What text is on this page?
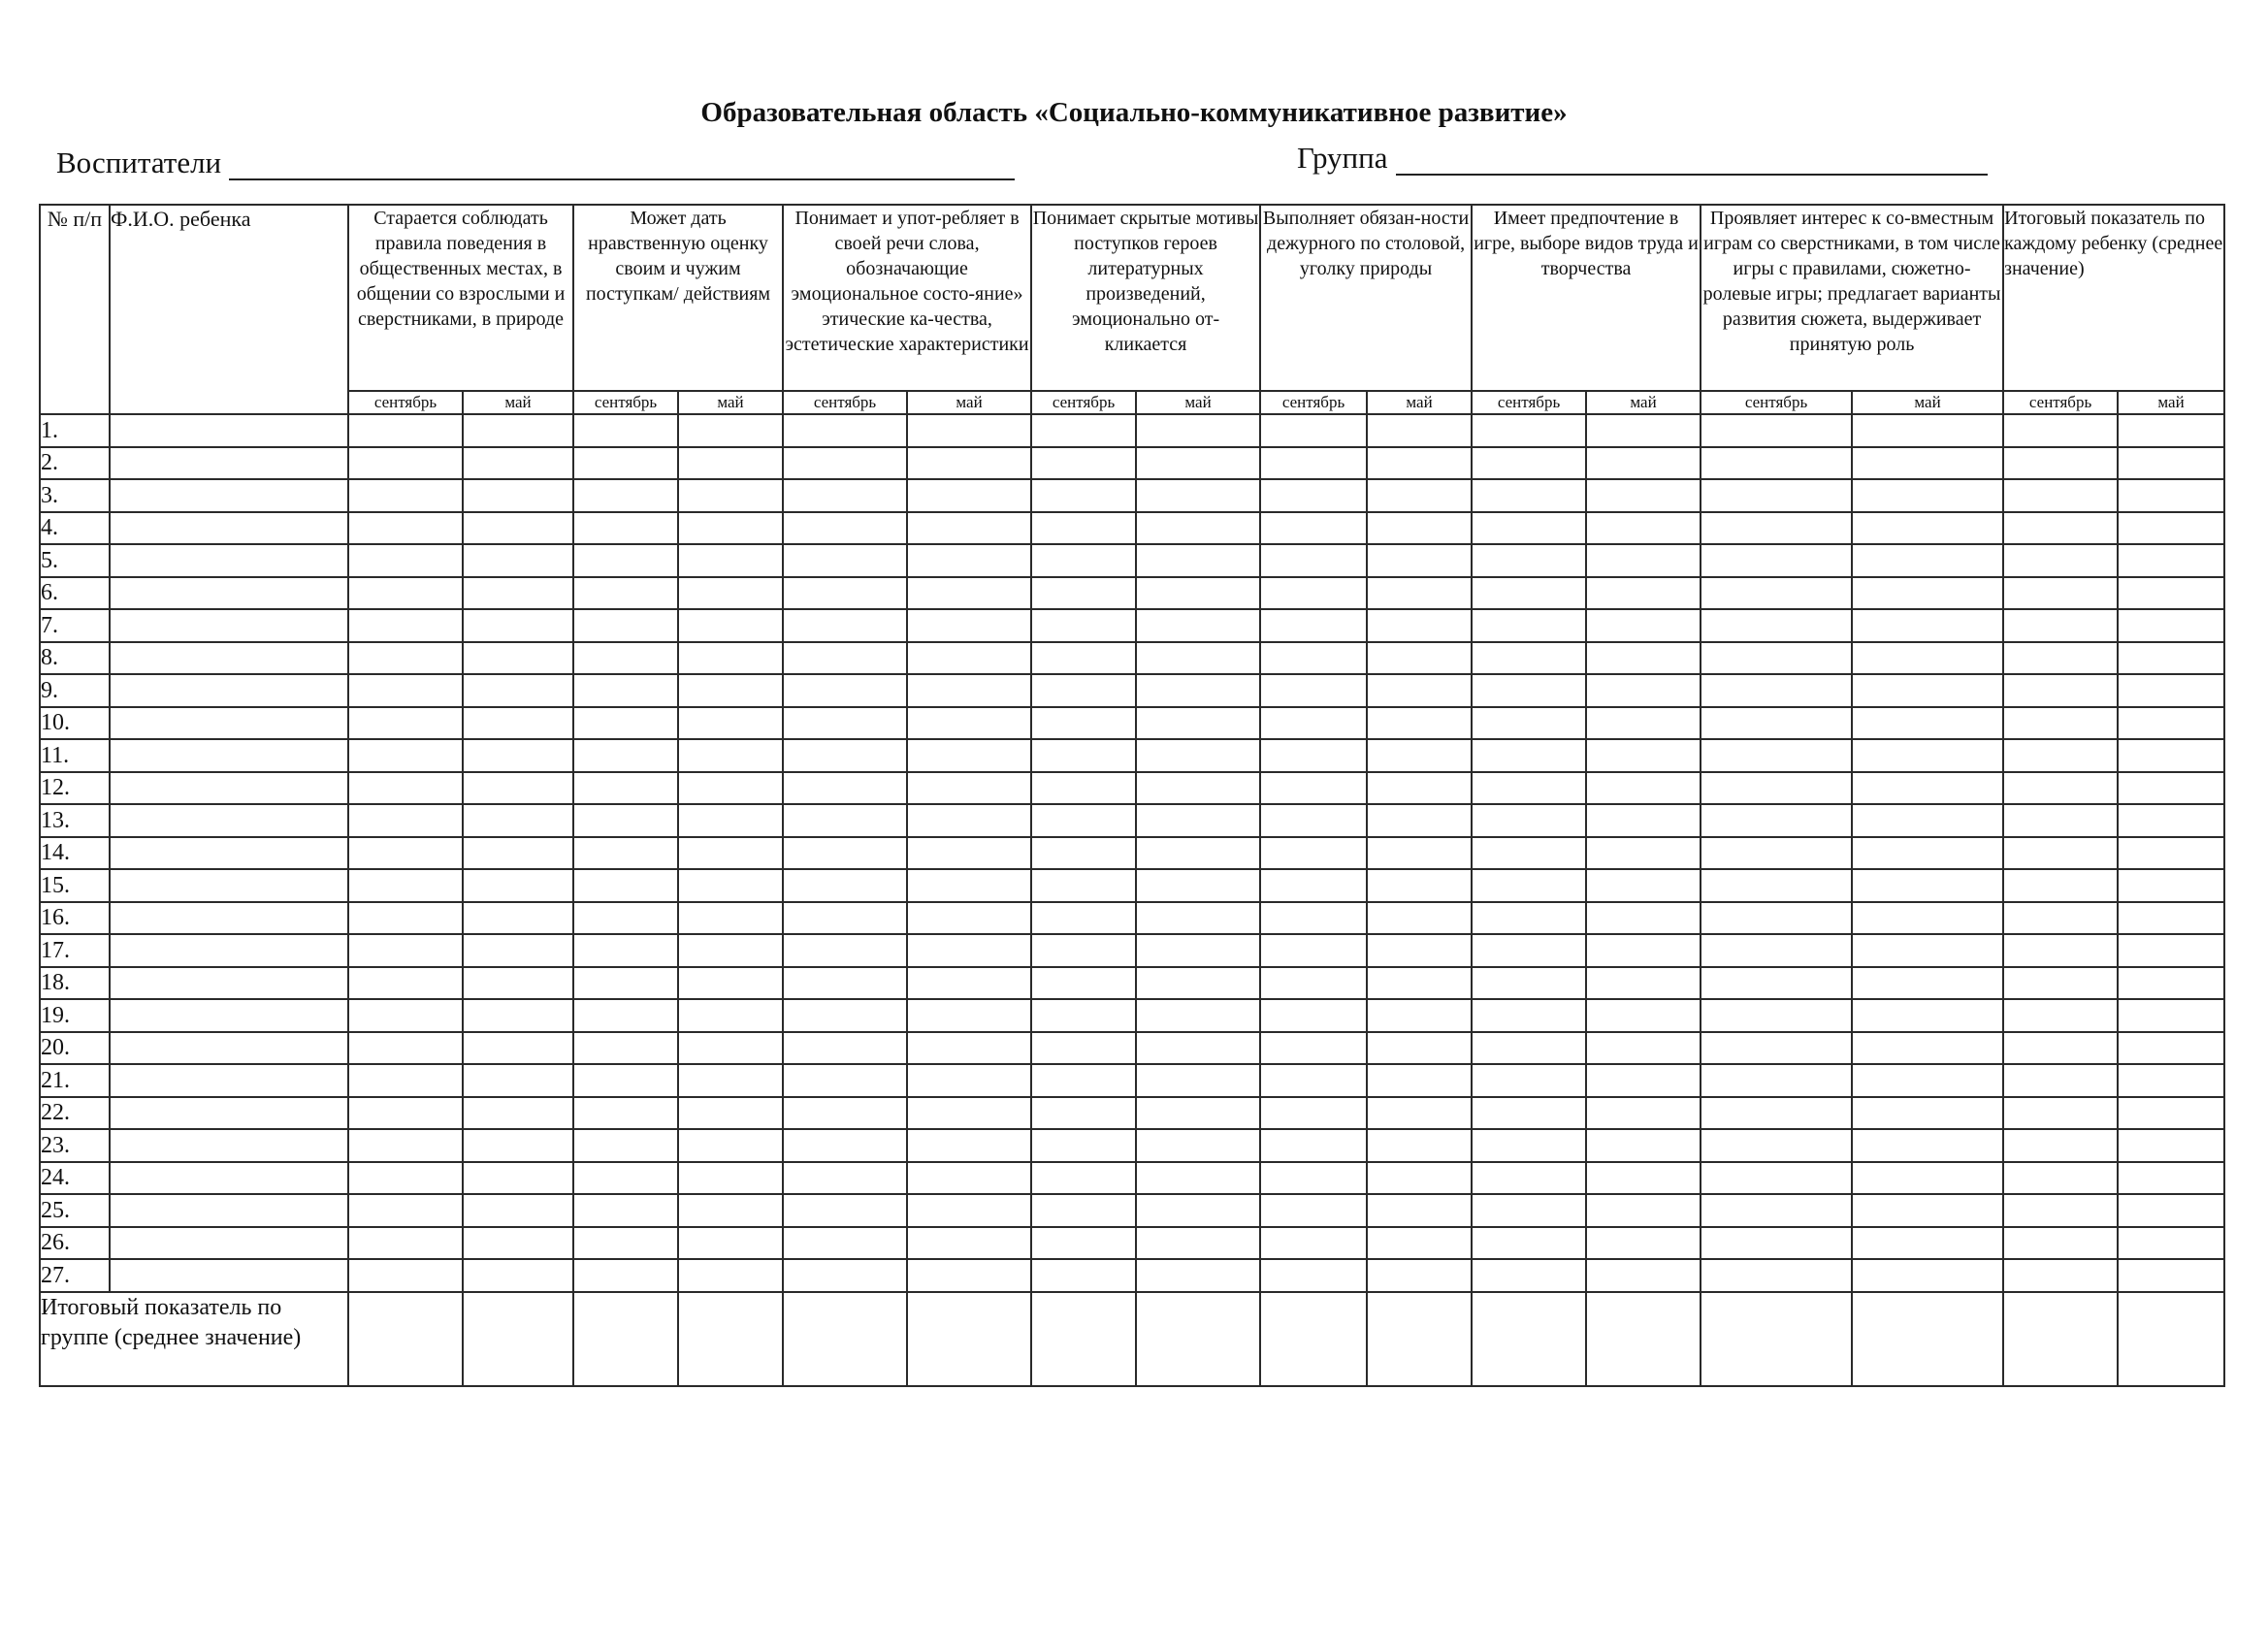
Образовательная область «Социально-коммуникативное развитие»
Воспитатели	Группа
№ п/п	Ф.И.О. ребенка	Старается соблюдать правила поведения в общественных местах, в общении со взрослыми и сверстниками, в природе		Может дать нравственную оценку своим и чужим поступкам/ действиям		Понимает и упот-ребляет в своей речи слова, обозначающие эмоциональное состо-яние» этические ка-чества, эстетические характеристики		Понимает скрытые мотивы поступков героев литературных произведений, эмоционально от-кликается		Выполняет обязан-ности дежурного по столовой, уголку природы		Имеет предпочтение в игре, выборе видов труда и творчества		Проявляет интерес к со-вместным играм со сверстниками, в том числе игры с правилами, сюжетно-ролевые игры; предлагает варианты развития сюжета, выдерживает принятую роль		Итоговый показатель по каждому ребенку (среднее значение)	
		сентябрь	май	сентябрь	май	сентябрь	май	сентябрь	май	сентябрь	май	сентябрь	май	сентябрь	май	сентябрь	май
1.																	
2.																	
3.																	
4.																	
5.																	
6.																	
7.																	
8.																	
9.																	
10.																	
11.																	
12.																	
13.																	
14.																	
15.																	
16.																	
17.																	
18.																	
19.																	
20.																	
21.																	
22.																	
23.																	
24.																	
25.																	
26.																	
27.																	
Итоговый показатель по группе (среднее значение)																	
